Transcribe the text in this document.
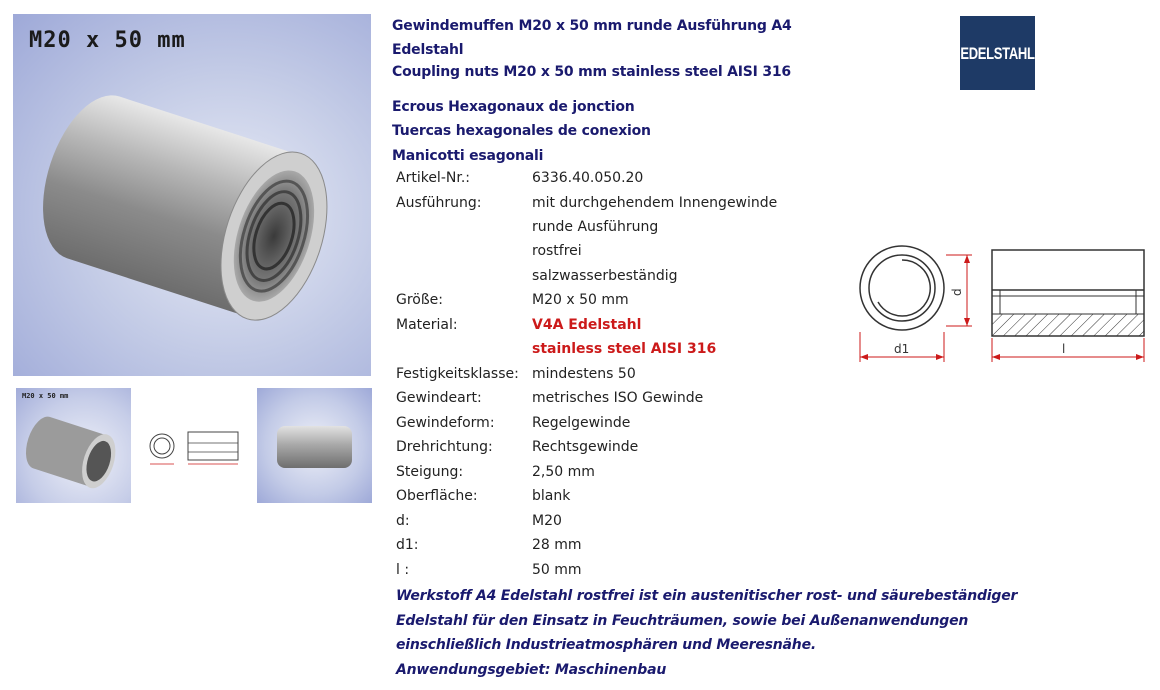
M20 x 50 mm
M20 x 50 mm
Gewindemuffen M20 x 50 mm runde Ausführung A4
Edelstahl
Coupling nuts M20 x 50 mm stainless steel AISI 316
Ecrous Hexagonaux de jonction
Tuercas hexagonales de conexion
Manicotti esagonali
EDELSTAHL
Artikel-Nr.:	6336.40.050.20
Ausführung:	mit durchgehendem Innengewinde
runde Ausführung
rostfrei
salzwasserbeständig
Größe:	M20 x 50 mm
Material:	V4A Edelstahl
stainless steel AISI 316
Festigkeitsklasse: mindestens 50
Gewindeart:	metrisches ISO Gewinde
Gewindeform:	Regelgewinde
Drehrichtung:	Rechtsgewinde
Steigung:	2,50 mm
Oberfläche:	blank
d:	M20
d1:	28 mm
l :	50 mm
Werkstoff A4 Edelstahl rostfrei ist ein austenitischer rost- und säurebeständiger
Edelstahl für den Einsatz in Feuchträumen, sowie bei Außenanwendungen
einschließlich Industrieatmosphären und Meeresnähe.
Anwendungsgebiet: Maschinenbau
d
d1	l
